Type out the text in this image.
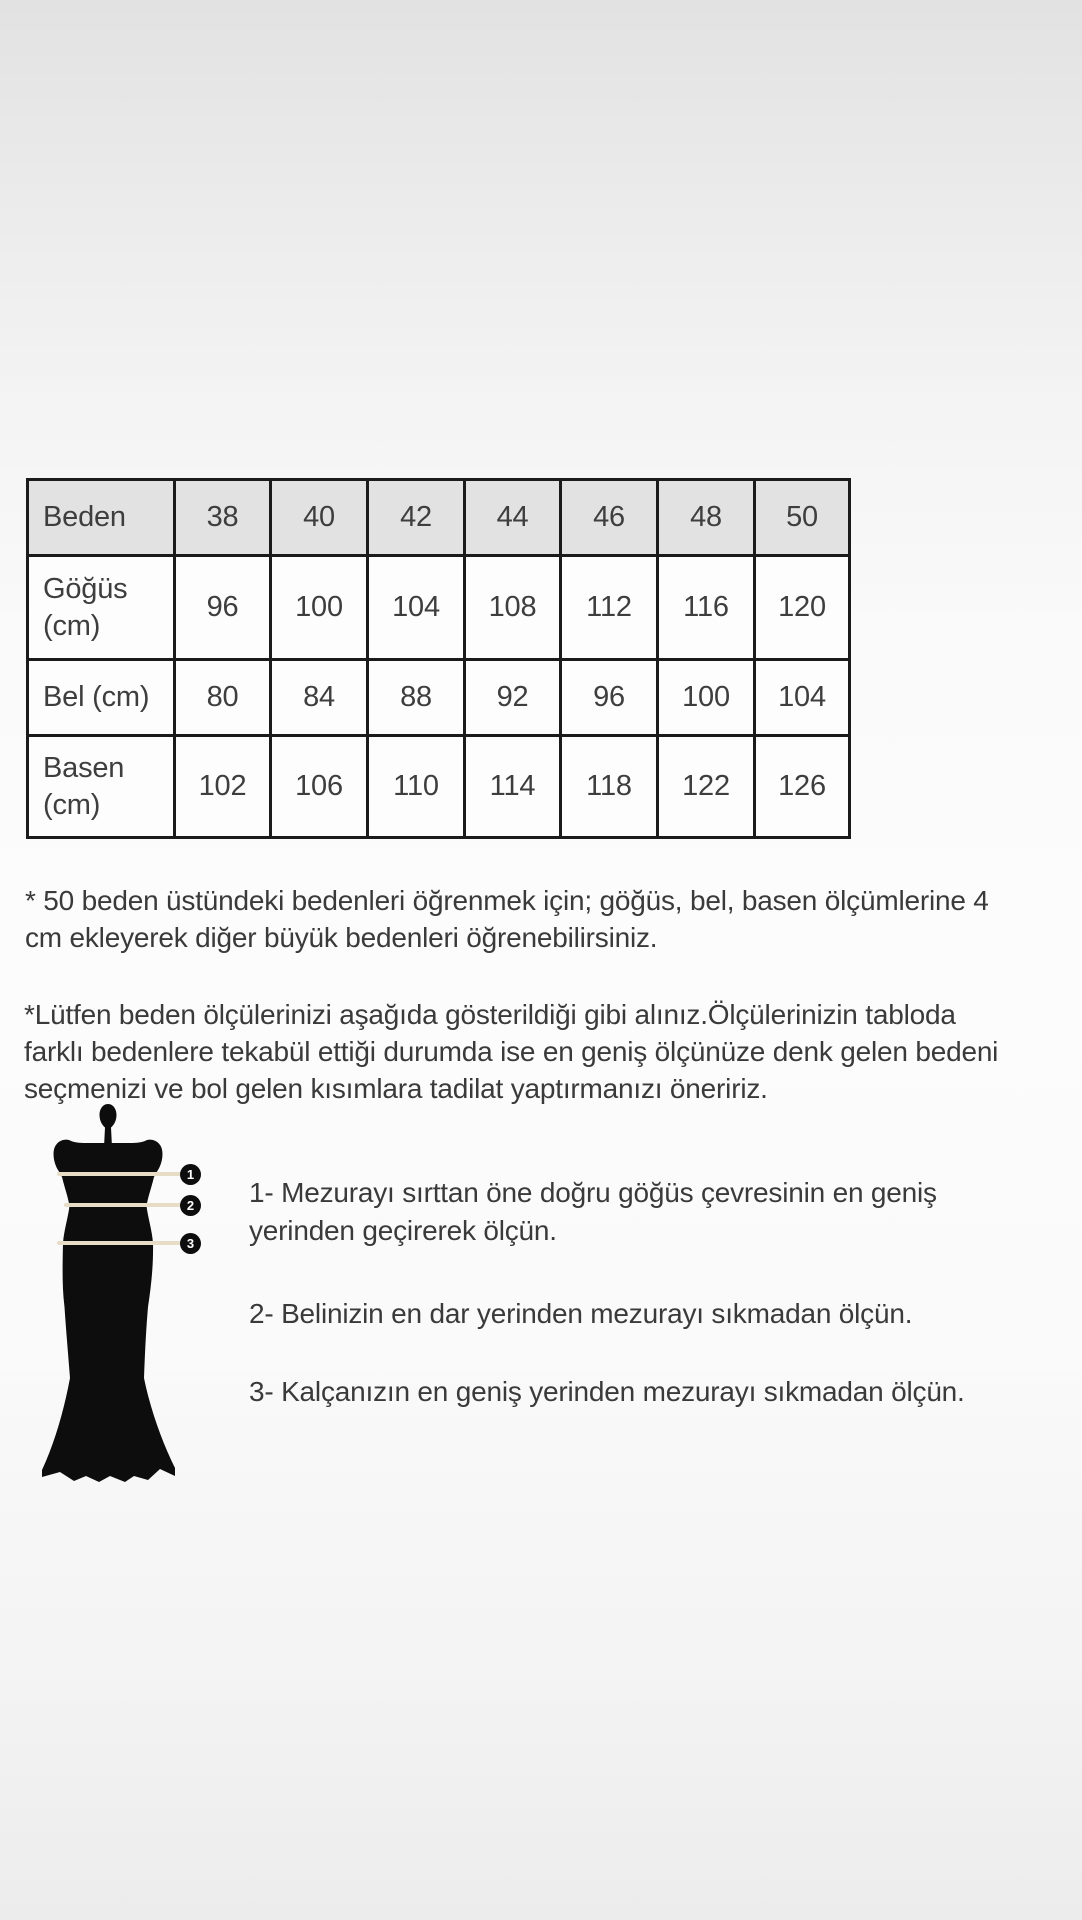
Beden	38	40	42	44	46	48	50
Göğüs (cm)	96	100	104	108	112	116	120
Bel (cm)	80	84	88	92	96	100	104
Basen (cm)	102	106	110	114	118	122	126
* 50 beden üstündeki bedenleri öğrenmek için; göğüs, bel, basen ölçümlerine 4
cm ekleyerek diğer büyük bedenleri öğrenebilirsiniz.
*Lütfen beden ölçülerinizi aşağıda gösterildiği gibi alınız.Ölçülerinizin tabloda
farklı bedenlere tekabül ettiği durumda ise en geniş ölçünüze denk gelen bedeni
seçmenizi ve bol gelen kısımlara tadilat yaptırmanızı öneririz.
1
2
3
1- Mezurayı sırttan öne doğru göğüs çevresinin en geniş
yerinden geçirerek ölçün.
2- Belinizin en dar yerinden mezurayı sıkmadan ölçün.
3- Kalçanızın en geniş yerinden mezurayı sıkmadan ölçün.
